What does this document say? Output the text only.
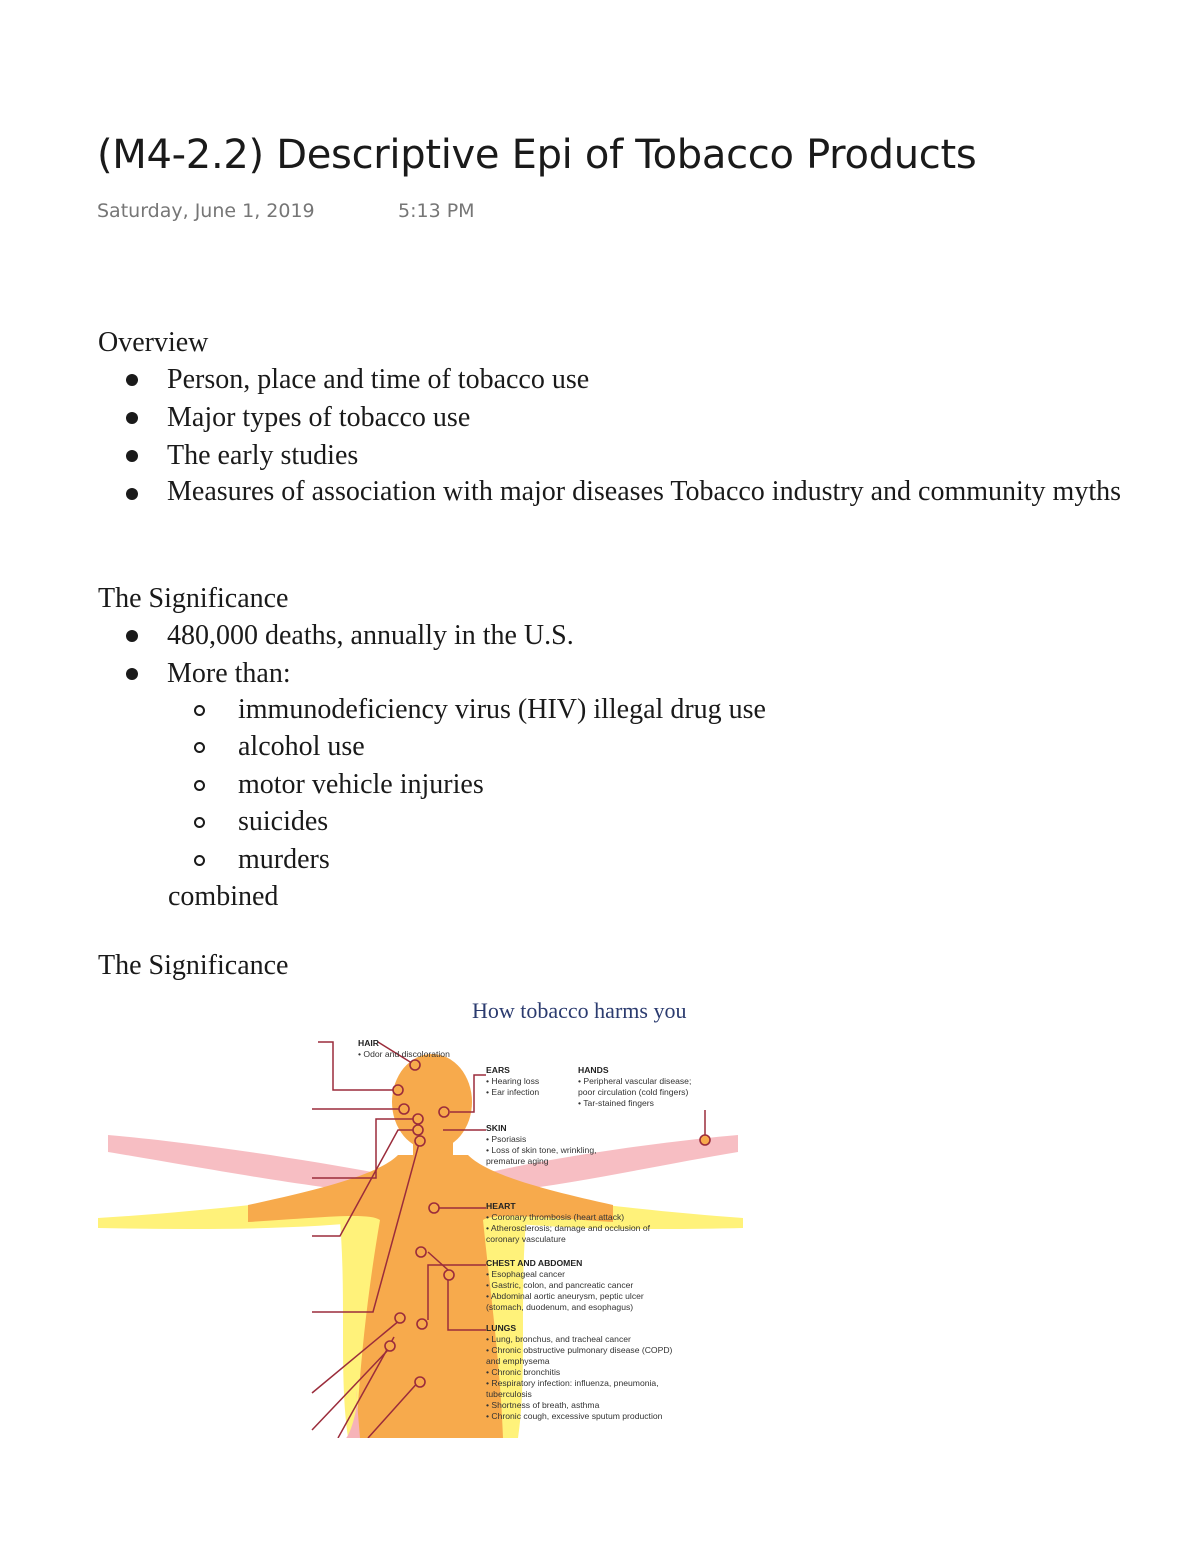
(M4-2.2) Descriptive Epi of Tobacco Products
Saturday, June 1, 2019	5:13 PM
Overview
Person, place and time of tobacco use
Major types of tobacco use
The early studies
Measures of association with major diseases Tobacco industry and community myths
The Significance
480,000 deaths, annually in the U.S.
More than:
immunodeficiency virus (HIV) illegal drug use
alcohol use
motor vehicle injuries
suicides
murders
combined
The Significance
How tobacco harms you
HAIR
• Odor and discoloration
EARS
• Hearing loss
• Ear infection
HANDS
• Peripheral vascular disease;
poor circulation (cold fingers)
• Tar-stained fingers
SKIN
• Psoriasis
• Loss of skin tone, wrinkling,
premature aging
HEART
• Coronary thrombosis (heart attack)
• Atherosclerosis; damage and occlusion of
coronary vasculature
CHEST AND ABDOMEN
• Esophageal cancer
• Gastric, colon, and pancreatic cancer
• Abdominal aortic aneurysm, peptic ulcer
(stomach, duodenum, and esophagus)
LUNGS
• Lung, bronchus, and tracheal cancer
• Chronic obstructive pulmonary disease (COPD)
and emphysema
• Chronic bronchitis
• Respiratory infection: influenza, pneumonia,
tuberculosis
• Shortness of breath, asthma
• Chronic cough, excessive sputum production
